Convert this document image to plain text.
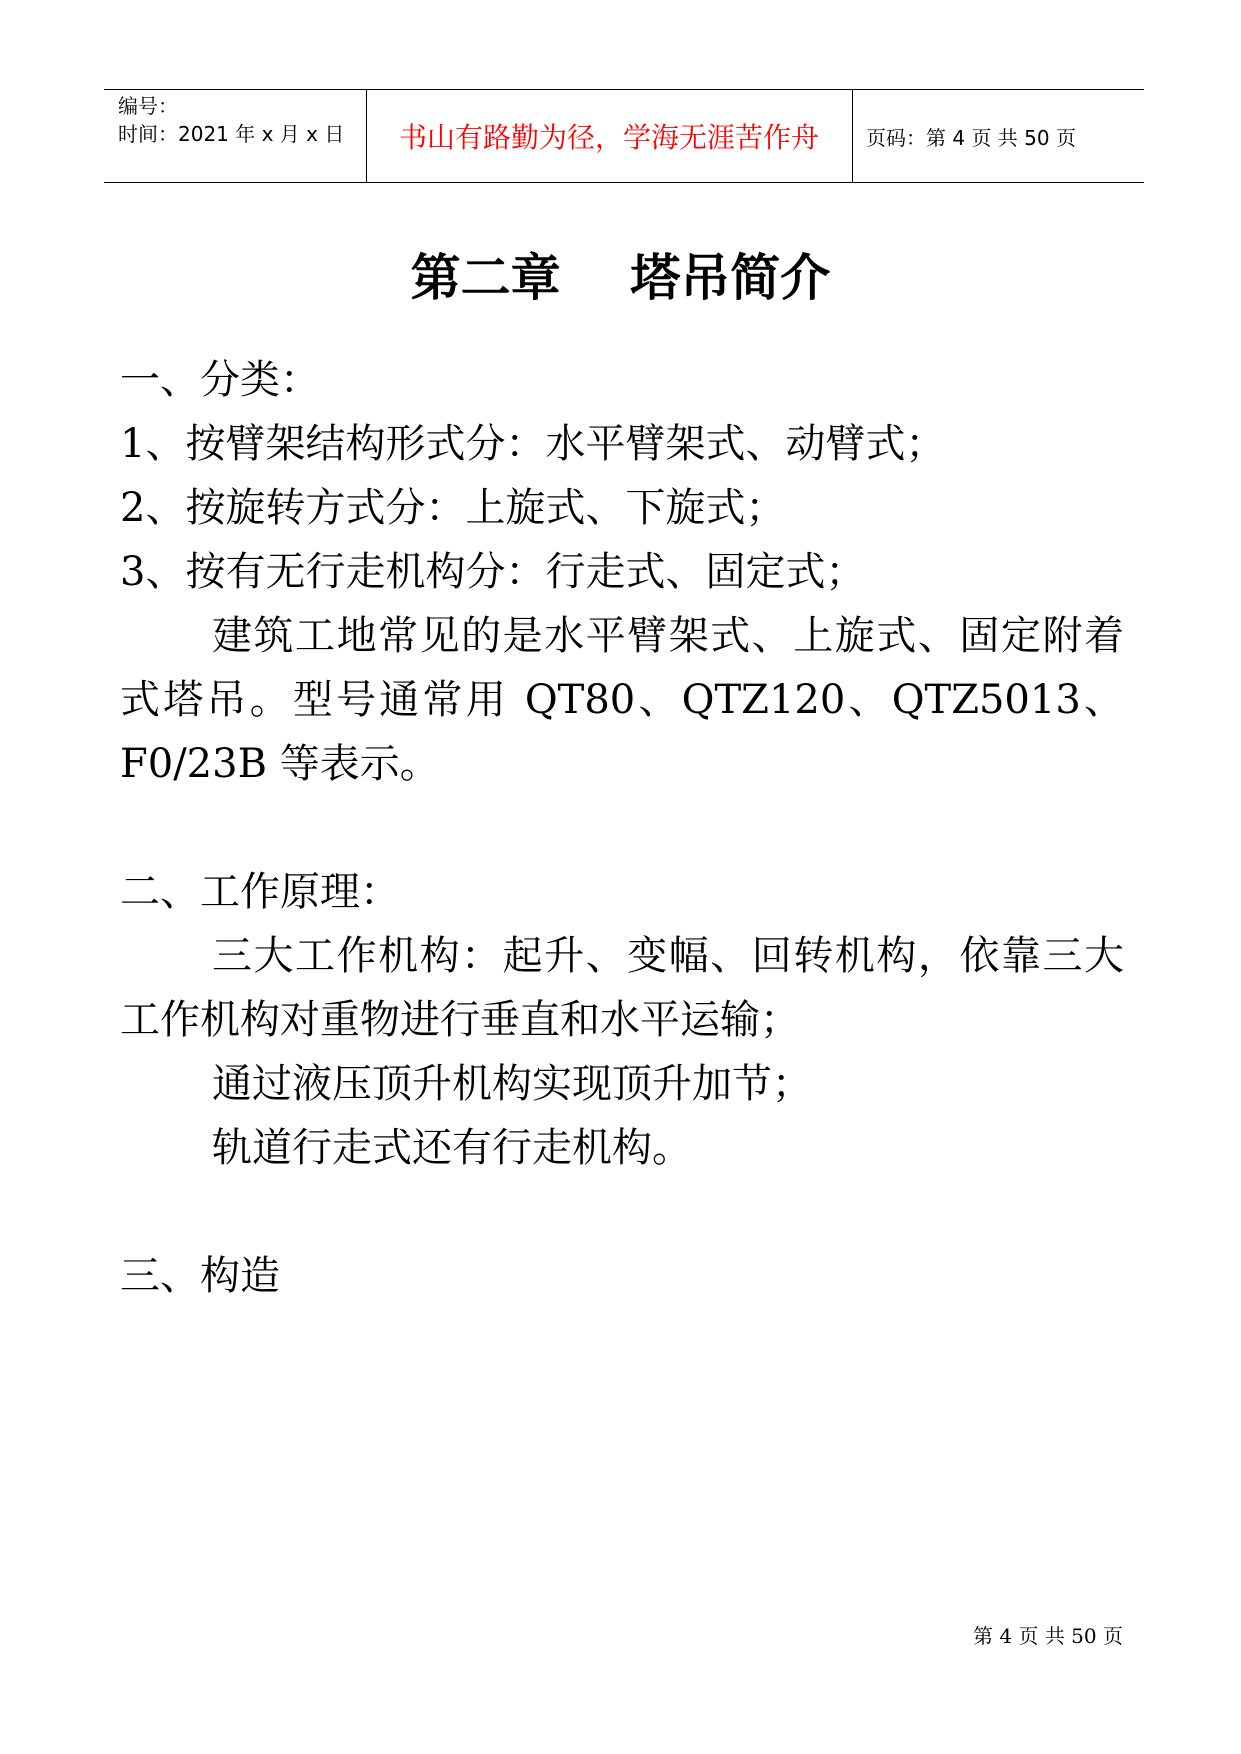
编号：
时间：2021 年 x 月 x 日	书山有路勤为径，学海无涯苦作舟	页码：第 4 页 共 50 页
第二章    塔吊简介

一、分类：

1、按臂架结构形式分：水平臂架式、动臂式；

2、按旋转方式分：上旋式、下旋式；

3、按有无行走机构分：行走式、固定式；

建筑工地常见的是水平臂架式、上旋式、固定附着式塔吊。型号通常用 QT80、QTZ120、QTZ5013、F0/23B 等表示。

二、工作原理：

三大工作机构：起升、变幅、回转机构，依靠三大工作机构对重物进行垂直和水平运输；

通过液压顶升机构实现顶升加节；

轨道行走式还有行走机构。

三、构造

第 4 页 共 50 页
